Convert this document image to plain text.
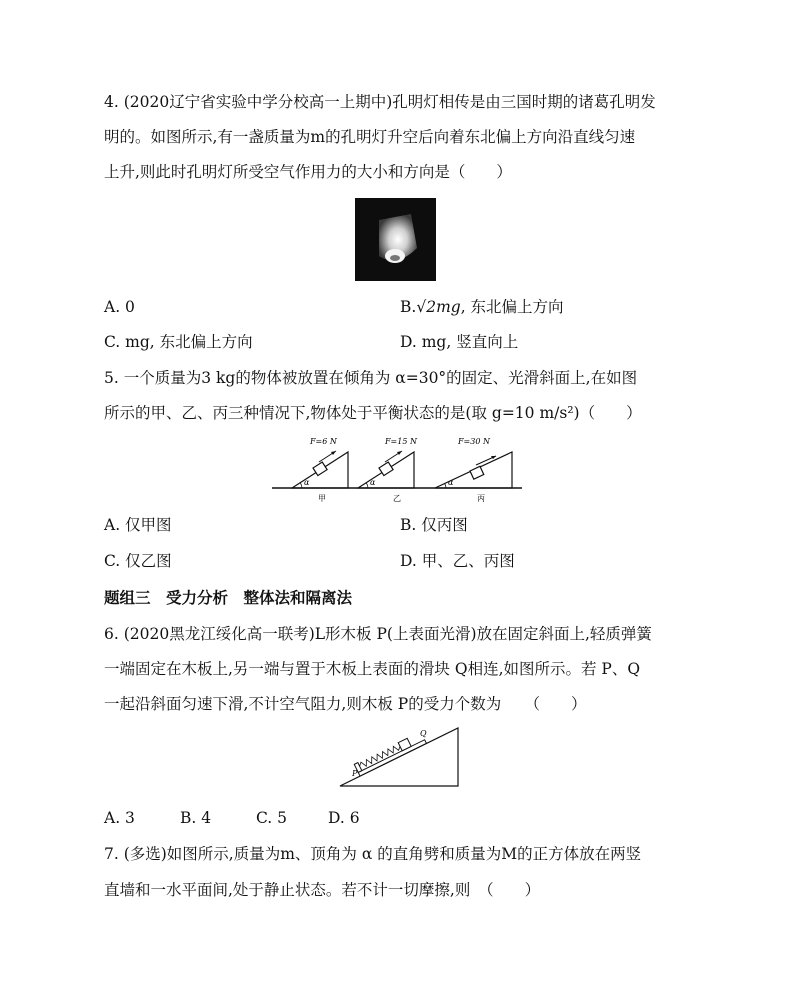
4. (2020辽宁省实验中学分校高一上期中)孔明灯相传是由三国时期的诸葛孔明发
明的。如图所示,有一盏质量为m的孔明灯升空后向着东北偏上方向沿直线匀速
上升,则此时孔明灯所受空气作用力的大小和方向是（　　）
A. 0	B.√2mg, 东北偏上方向
C. mg, 东北偏上方向	D. mg, 竖直向上
5. 一个质量为3 kg的物体被放置在倾角为 α=30°的固定、光滑斜面上,在如图
所示的甲、乙、丙三种情况下,物体处于平衡状态的是(取 g=10 m/s²)（　　）
α
F=6 N
甲
α
F=15 N
乙
α
F=30 N
丙
A. 仅甲图	B. 仅丙图
C. 仅乙图	D. 甲、乙、丙图
题组三　受力分析　整体法和隔离法
6. (2020黑龙江绥化高一联考)L形木板 P(上表面光滑)放在固定斜面上,轻质弹簧
一端固定在木板上,另一端与置于木板上表面的滑块 Q相连,如图所示。若 P、Q
一起沿斜面匀速下滑,不计空气阻力,则木板 P的受力个数为　　（　　）
P
Q
A. 3	B. 4	C. 5	D. 6
7. (多选)如图所示,质量为m、顶角为 α 的直角劈和质量为M的正方体放在两竖
直墙和一水平面间,处于静止状态。若不计一切摩擦,则　（　　）
